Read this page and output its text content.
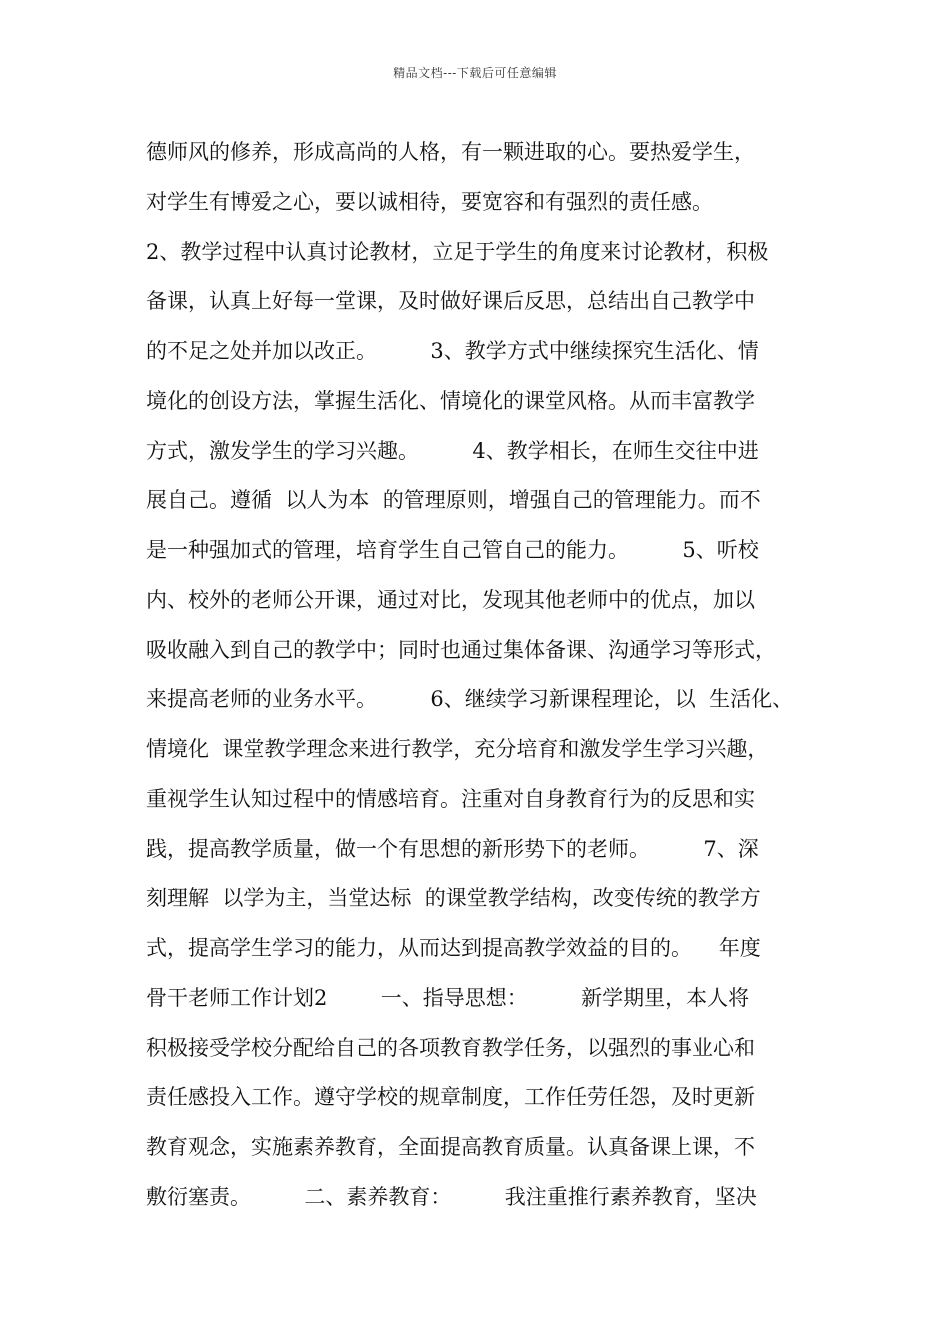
精品文档---下载后可任意编辑
德师风的修养，形成高尚的人格，有一颗进取的心。要热爱学生，
对学生有博爱之心，要以诚相待，要宽容和有强烈的责任感。
2、教学过程中认真讨论教材，立足于学生的角度来讨论教材，积极
备课，认真上好每一堂课，及时做好课后反思，总结出自己教学中
的不足之处并加以改正。        3、教学方式中继续探究生活化、情
境化的创设方法，掌握生活化、情境化的课堂风格。从而丰富教学
方式，激发学生的学习兴趣。        4、教学相长，在师生交往中进
展自己。遵循  以人为本  的管理原则，增强自己的管理能力。而不
是一种强加式的管理，培育学生自己管自己的能力。        5、听校
内、校外的老师公开课，通过对比，发现其他老师中的优点，加以
吸收融入到自己的教学中；同时也通过集体备课、沟通学习等形式，
来提高老师的业务水平。        6、继续学习新课程理论，以  生活化、
情境化  课堂教学理念来进行教学，充分培育和激发学生学习兴趣，
重视学生认知过程中的情感培育。注重对自身教育行为的反思和实
践，提高教学质量，做一个有思想的新形势下的老师。        7、深
刻理解  以学为主，当堂达标  的课堂教学结构，改变传统的教学方
式，提高学生学习的能力，从而达到提高教学效益的目的。    年度
骨干老师工作计划2        一、指导思想：        新学期里，本人将
积极接受学校分配给自己的各项教育教学任务，以强烈的事业心和
责任感投入工作。遵守学校的规章制度，工作任劳任怨，及时更新
教育观念，实施素养教育，全面提高教育质量。认真备课上课，不
敷衍塞责。        二、素养教育：        我注重推行素养教育，坚决
